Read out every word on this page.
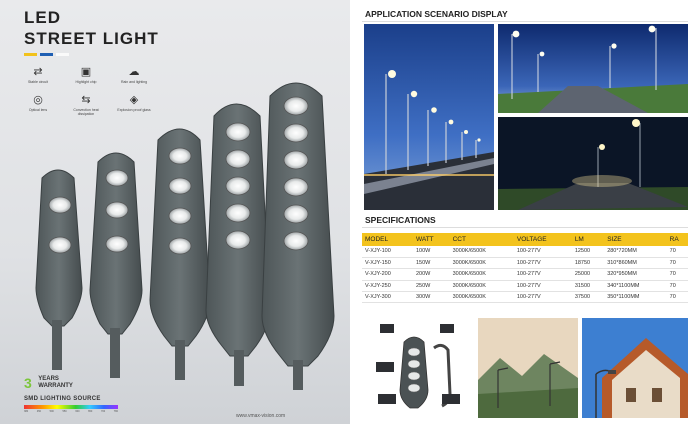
LED
STREET LIGHT
⇄
Stable circuit
▣
Highlight chip
☁
Rain and lighting
◎
Optical lens
⇆
Convection heat dissipation
◈
Explosion proof glass
3 YEARS
WARRANTY
SMD LIGHTING SOURCE
380	450	500	550	600	650	700	780
www.vmax-vision.com
APPLICATION SCENARIO DISPLAY
SPECIFICATIONS
MODEL	WATT	CCT	VOLTAGE	LM	SIZE	RA
V-XJY-100	100W	3000K/6500K	100-277V	12500	280*720MM	70
V-XJY-150	150W	3000K/6500K	100-277V	18750	310*860MM	70
V-XJY-200	200W	3000K/6500K	100-277V	25000	320*950MM	70
V-XJY-250	250W	3000K/6500K	100-277V	31500	340*1100MM	70
V-XJY-300	300W	3000K/6500K	100-277V	37500	350*1100MM	70
